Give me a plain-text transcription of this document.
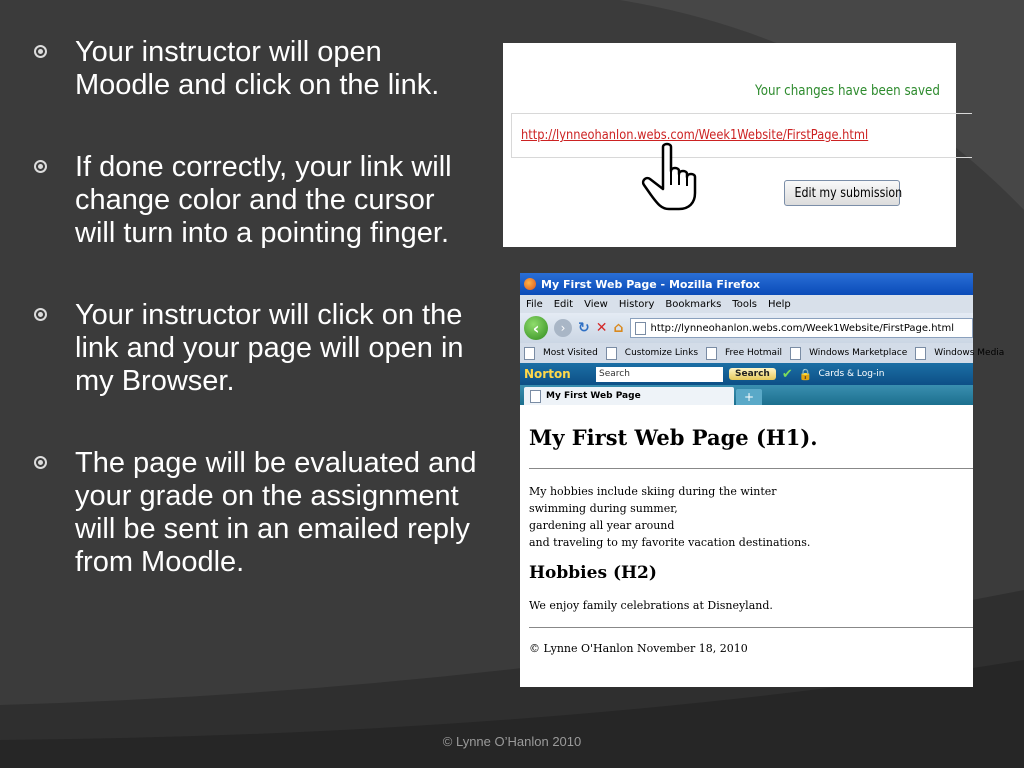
Your instructor will open Moodle and click on the link.
If done correctly, your link will change color and the cursor will turn into a pointing finger.
Your instructor will click on the link and your page will open in my Browser.
The page will be evaluated and your grade on the assignment will be sent in an emailed reply from Moodle.
Your changes have been saved
http://lynneohanlon.webs.com/Week1Website/FirstPage.html
Edit my submission
My First Web Page - Mozilla Firefox
File Edit View History Bookmarks Tools Help
‹	› ↻ ✕ ⌂	http://lynneohanlon.webs.com/Week1Website/FirstPage.html
Most Visited	Customize Links	Free Hotmail	Windows Marketplace	Windows Media
Norton	Search	Search ✔ 🔒 Cards & Log-in
My First Web Page	+
My First Web Page (H1).
My hobbies include skiing during the winter
swimming during summer,
gardening all year around
and traveling to my favorite vacation destinations.
Hobbies (H2)
We enjoy family celebrations at Disneyland.
© Lynne O'Hanlon November 18, 2010
© Lynne O’Hanlon 2010
